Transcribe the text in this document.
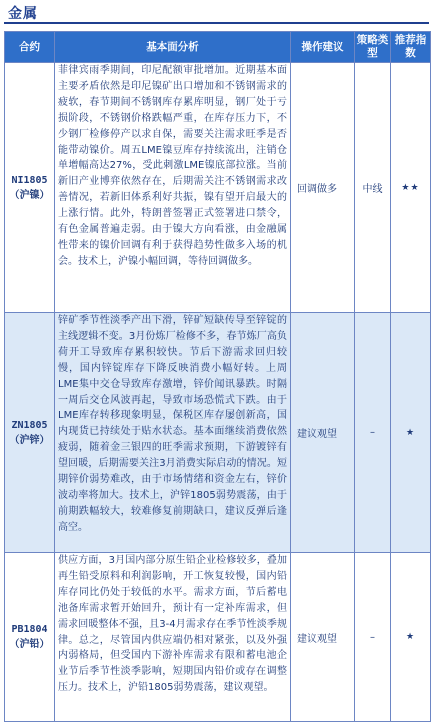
金属
合约	基本面分析	操作建议	策略类型	推荐指数

NI1805
（沪镍）	菲律宾雨季期间，印尼配额审批增加。近期基本面主要矛盾依然是印尼镍矿出口增加和不锈钢需求的疲软，春节期间不锈钢库存累库明显，钢厂处于亏损阶段，不锈钢价格跌幅严重，在库存压力下，不少钢厂检修停产以求自保，需要关注需求旺季是否能带动镍价。周五LME镍豆库存持续流出，注销仓单增幅高达27%，受此刺激LME镍底部拉涨。当前新旧产业博弈依然存在，后期需关注不锈钢需求改善情况，若新旧体系利好共振，镍有望开启最大的上涨行情。此外，特朗普签署正式签署进口禁令，有色金属普遍走弱。由于镍大方向看涨，由金融属性带来的镍价回调有利于获得趋势性做多入场的机会。技术上，沪镍小幅回调，等待回调做多。	回调做多	中线	★★

ZN1805
（沪锌）	锌矿季节性淡季产出下滑，锌矿短缺传导至锌锭的主线逻辑不变。3月份炼厂检修不多，春节炼厂高负荷开工导致库存累积较快。节后下游需求回归较慢，国内锌锭库存下降反映消费小幅好转。上周LME集中交仓导致库存激增，锌价闻讯暴跌。时隔一周后交仓风波再起，导致市场恐慌式下跌。由于LME库存转移现象明显，保税区库存屡创新高，国内现货已持续处于贴水状态。基本面继续消费依然疲弱，随着金三银四的旺季需求预期，下游镀锌有望回暖，后期需要关注3月消费实际启动的情况。短期锌价弱势难改，由于市场情绪和资金左右，锌价波动率将加大。技术上，沪锌1805弱势震荡，由于前期跌幅较大，较难修复前期缺口，建议反弹后逢高空。	建议观望	–	★

PB1804
（沪铅）	供应方面，3月国内部分原生铅企业检修较多，叠加再生铅受原料和利润影响，开工恢复较慢，国内铅库存同比仍处于较低的水平。需求方面，节后蓄电池备库需求暂开始回升，预计有一定补库需求，但需求回暖整体不强，且3-4月需求存在季节性淡季规律。总之，尽管国内供应端仍相对紧张，以及外强内弱格局，但受国内下游补库需求有限和蓄电池企业节后季节性淡季影响，短期国内铅价或存在调整压力。技术上，沪铅1805弱势震荡，建议观望。	建议观望	–	★
